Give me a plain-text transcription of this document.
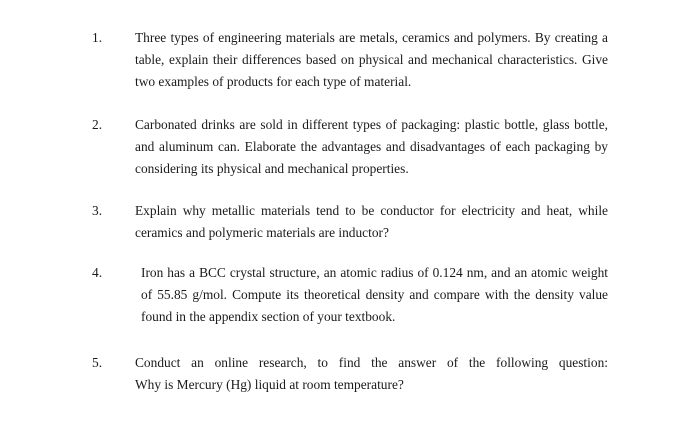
1. Three types of engineering materials are metals, ceramics and polymers. By creating a
table, explain their differences based on physical and mechanical characteristics. Give
two examples of products for each type of material.
2. Carbonated drinks are sold in different types of packaging: plastic bottle, glass bottle,
and aluminum can. Elaborate the advantages and disadvantages of each packaging by
considering its physical and mechanical properties.
3. Explain why metallic materials tend to be conductor for electricity and heat, while
ceramics and polymeric materials are inductor?
4.	Iron has a BCC crystal structure, an atomic radius of 0.124 nm, and an atomic weight
of 55.85 g/mol. Compute its theoretical density and compare with the density value
found in the appendix section of your textbook.
5. Conduct an online research, to find the answer of the following question:
Why is Mercury (Hg) liquid at room temperature?
